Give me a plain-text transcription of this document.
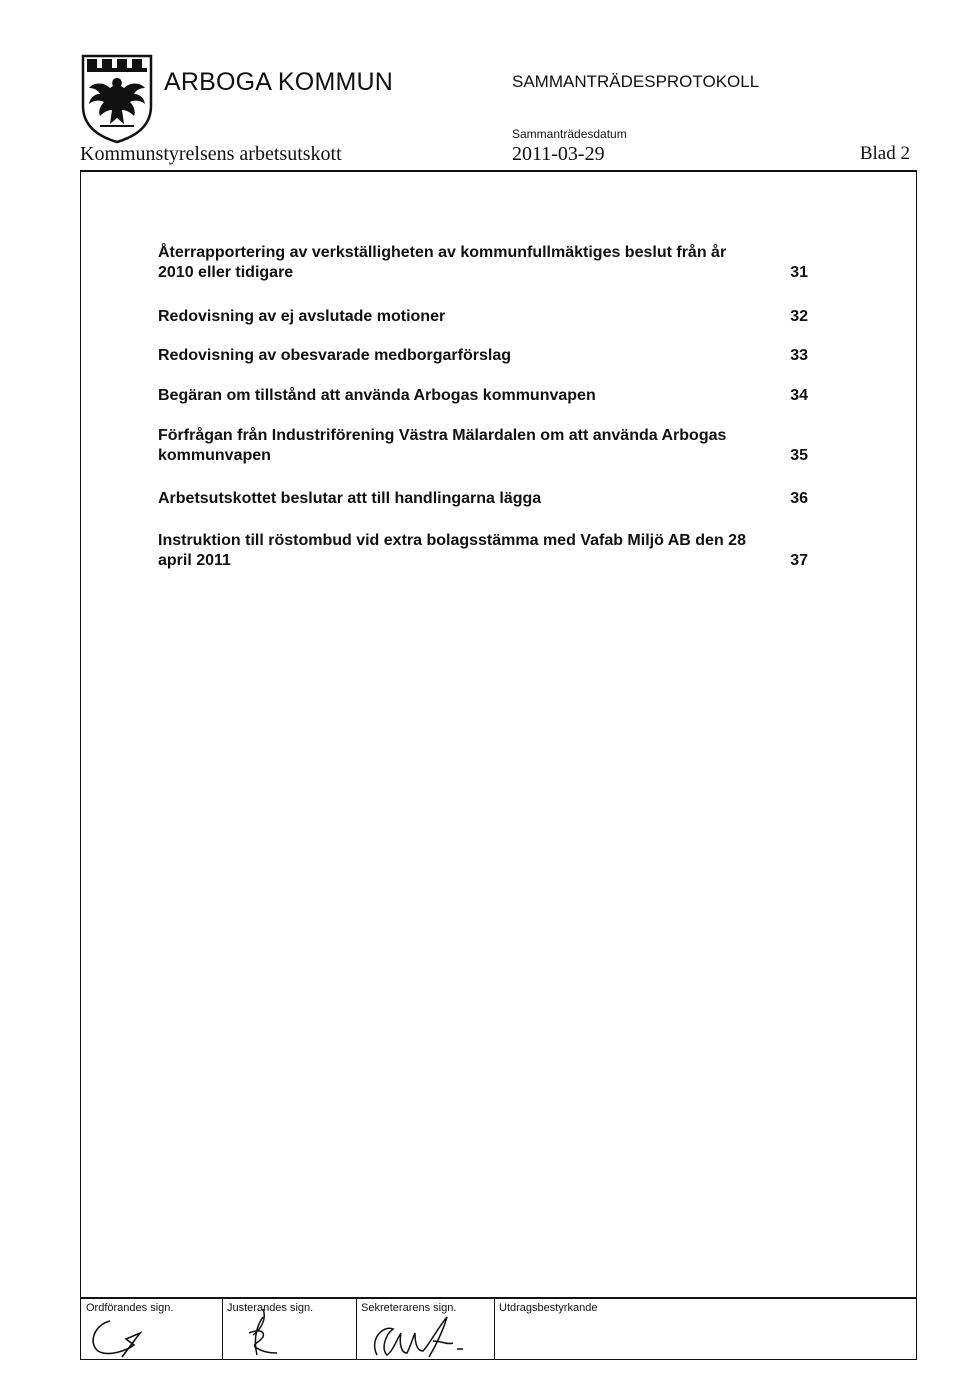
ARBOGA KOMMUN	SAMMANTRÄDESPROTOKOLL
Sammanträdesdatum
Kommunstyrelsens arbetsutskott	2011-03-29	Blad 2
Återrapportering av verkställigheten av kommunfullmäktiges beslut från år 2010 eller tidigare	31
Redovisning av ej avslutade motioner	32
Redovisning av obesvarade medborgarförslag	33
Begäran om tillstånd att använda Arbogas kommunvapen	34
Förfrågan från Industriförening Västra Mälardalen om att använda Arbogas kommunvapen	35
Arbetsutskottet beslutar att till handlingarna lägga	36
Instruktion till röstombud vid extra bolagsstämma med Vafab Miljö AB den 28 april 2011	37
Ordförandes sign.	Justerandes sign.	Sekreterarens sign.	Utdragsbestyrkande
